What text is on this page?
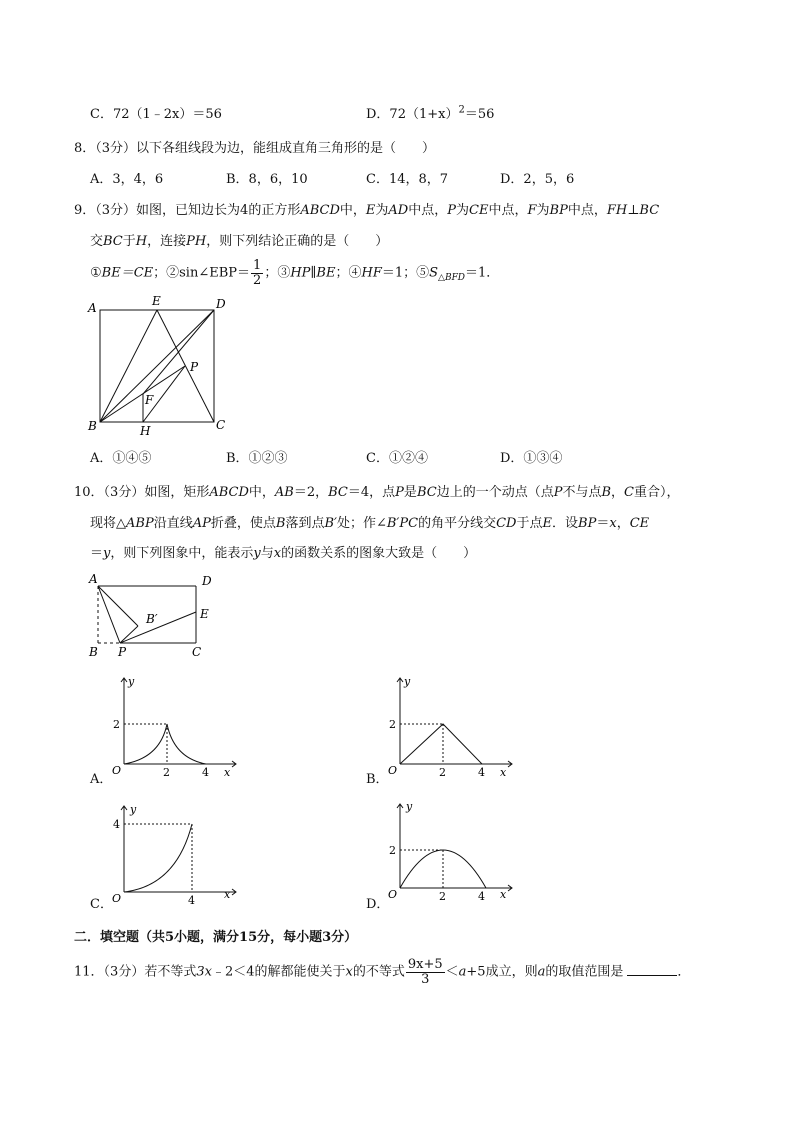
C．72（1﹣2x）＝56	D．$72(1+x)^2=56$
8．（3分）以下各组线段为边，能组成直角三角形的是（　　）
A．3，4，6	B．8，6，10	C．14，8，7	D．2，5，6
9．（3分）如图，已知边长为4的正方形ABCD中，E为AD中点，P为CE中点，F为BP中点，FH⊥BC
交BC于H，连接PH，则下列结论正确的是（　　）
①BE＝CE；②sin∠EBP＝ $\frac{1}{2}$ ；③HP∥BE；④HF＝1；$⑤S_{\triangle BFD}=1$．
A	E	D
P
F
B	H	C
A．①④⑤	B．①②③	C．①②④	D．①③④
10．（3分）如图，矩形ABCD中，AB＝2，BC＝4，点P是BC边上的一个动点（点P不与点B，C重合），
现将△ABP沿直线AP折叠，使点B落到点B′处；作∠B′PC的角平分线交CD于点E．设BP＝x，CE
＝y，则下列图象中，能表示y与x的函数关系的图象大致是（　　）
A	D
B′	E
B P	C
y
x
O
2
2	4
A．
y
x
O
2
2	4
B．
y
x
O
4
4
C．
y
x
O
2
2	4
D．
二．填空题（共5小题，满分15分，每小题3分）
11．（3分）若不等式3x﹣2＜4的解都能使关于x的不等式 $\frac{9x+5}{3} <a+5$成立，则a的取值范围是	．
